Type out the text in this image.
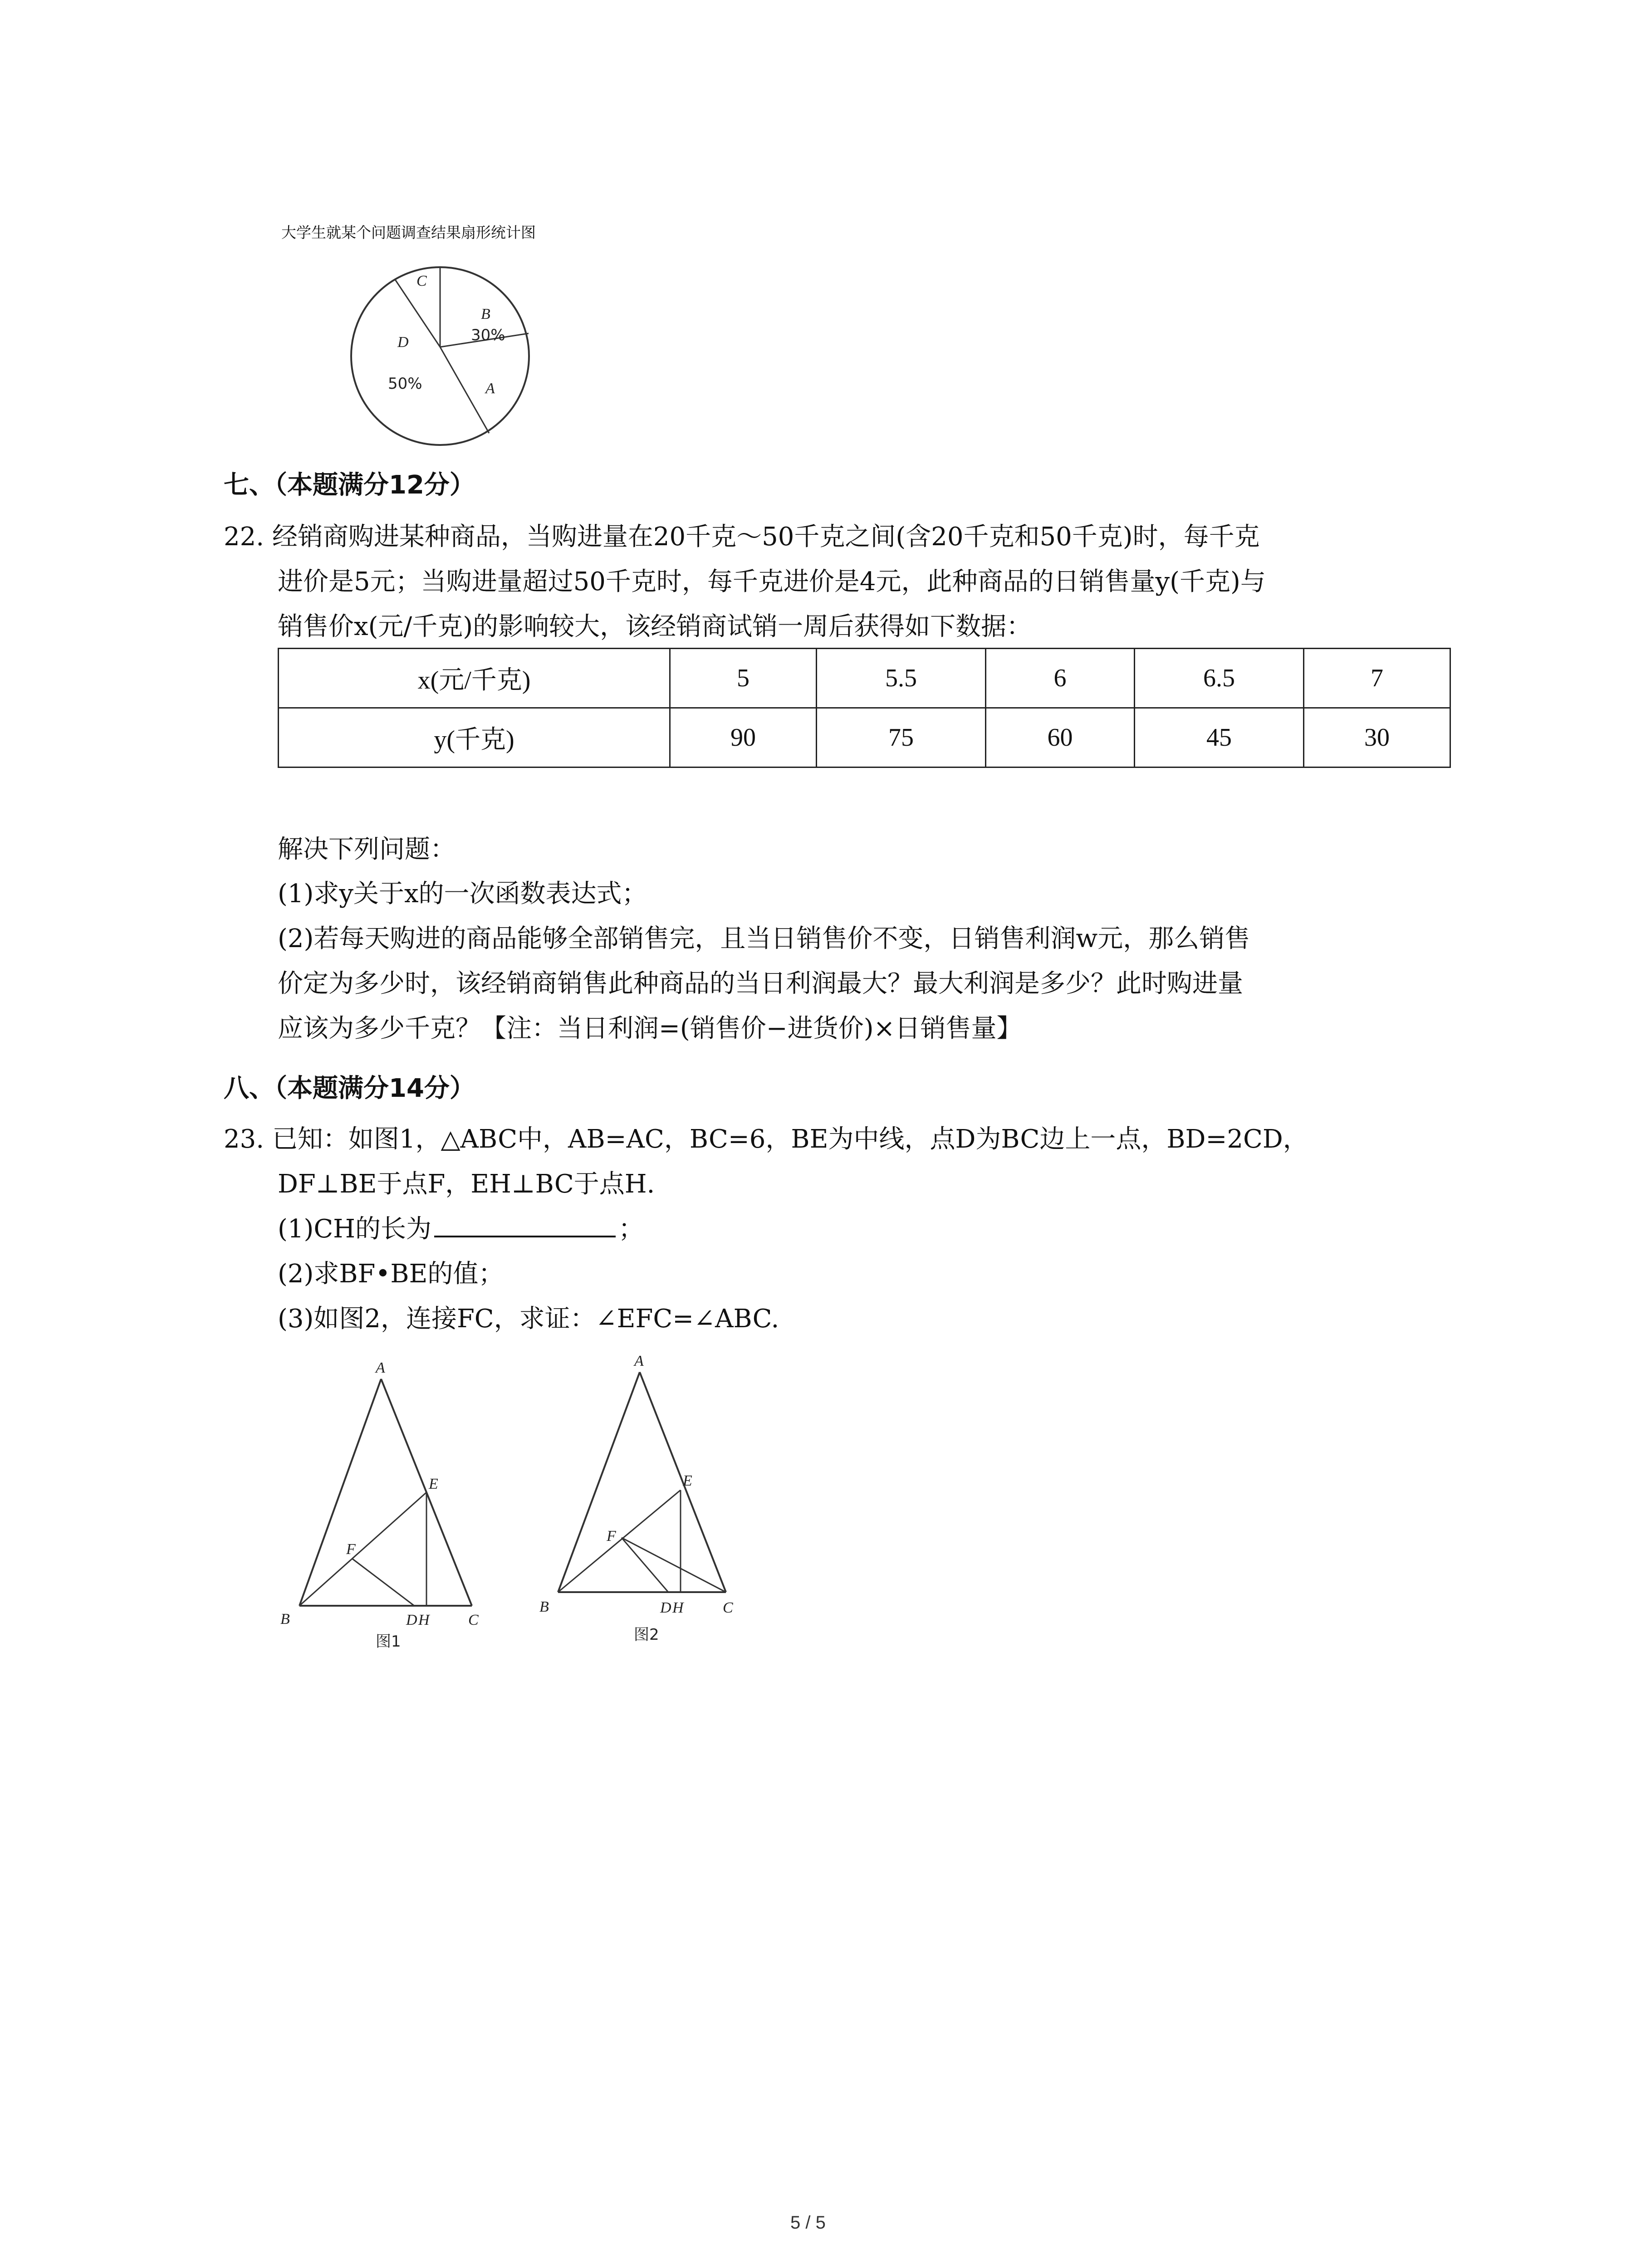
大学生就某个问题调查结果扇形统计图
C
B
30%
D
50%	A
七、（本题满分12分）
22. 经销商购进某种商品，当购进量在20千克～50千克之间(含20千克和50千克)时，每千克
进价是5元；当购进量超过50千克时，每千克进价是4元，此种商品的日销售量y(千克)与
销售价x(元/千克)的影响较大，该经销商试销一周后获得如下数据：
x(元/千克)	5	5.5	6	6.5	7
y(千克)	90	75	60	45	30
解决下列问题：
(1)求y关于x的一次函数表达式；
(2)若每天购进的商品能够全部销售完，且当日销售价不变，日销售利润w元，那么销售
价定为多少时，该经销商销售此种商品的当日利润最大？最大利润是多少？此时购进量
应该为多少千克？【注：当日利润=(销售价−进货价)×日销售量】
八、（本题满分14分）
23. 已知：如图1，△ABC中，AB=AC，BC=6，BE为中线，点D为BC边上一点，BD=2CD，
DF⊥BE于点F，EH⊥BC于点H.
(1)CH的长为	；
(2)求BF•BE的值；
(3)如图2，连接FC，求证：∠EFC=∠ABC.
A
E
F
B	D H	C
图1
A
E
F
B	D H	C
图2
5 / 5
